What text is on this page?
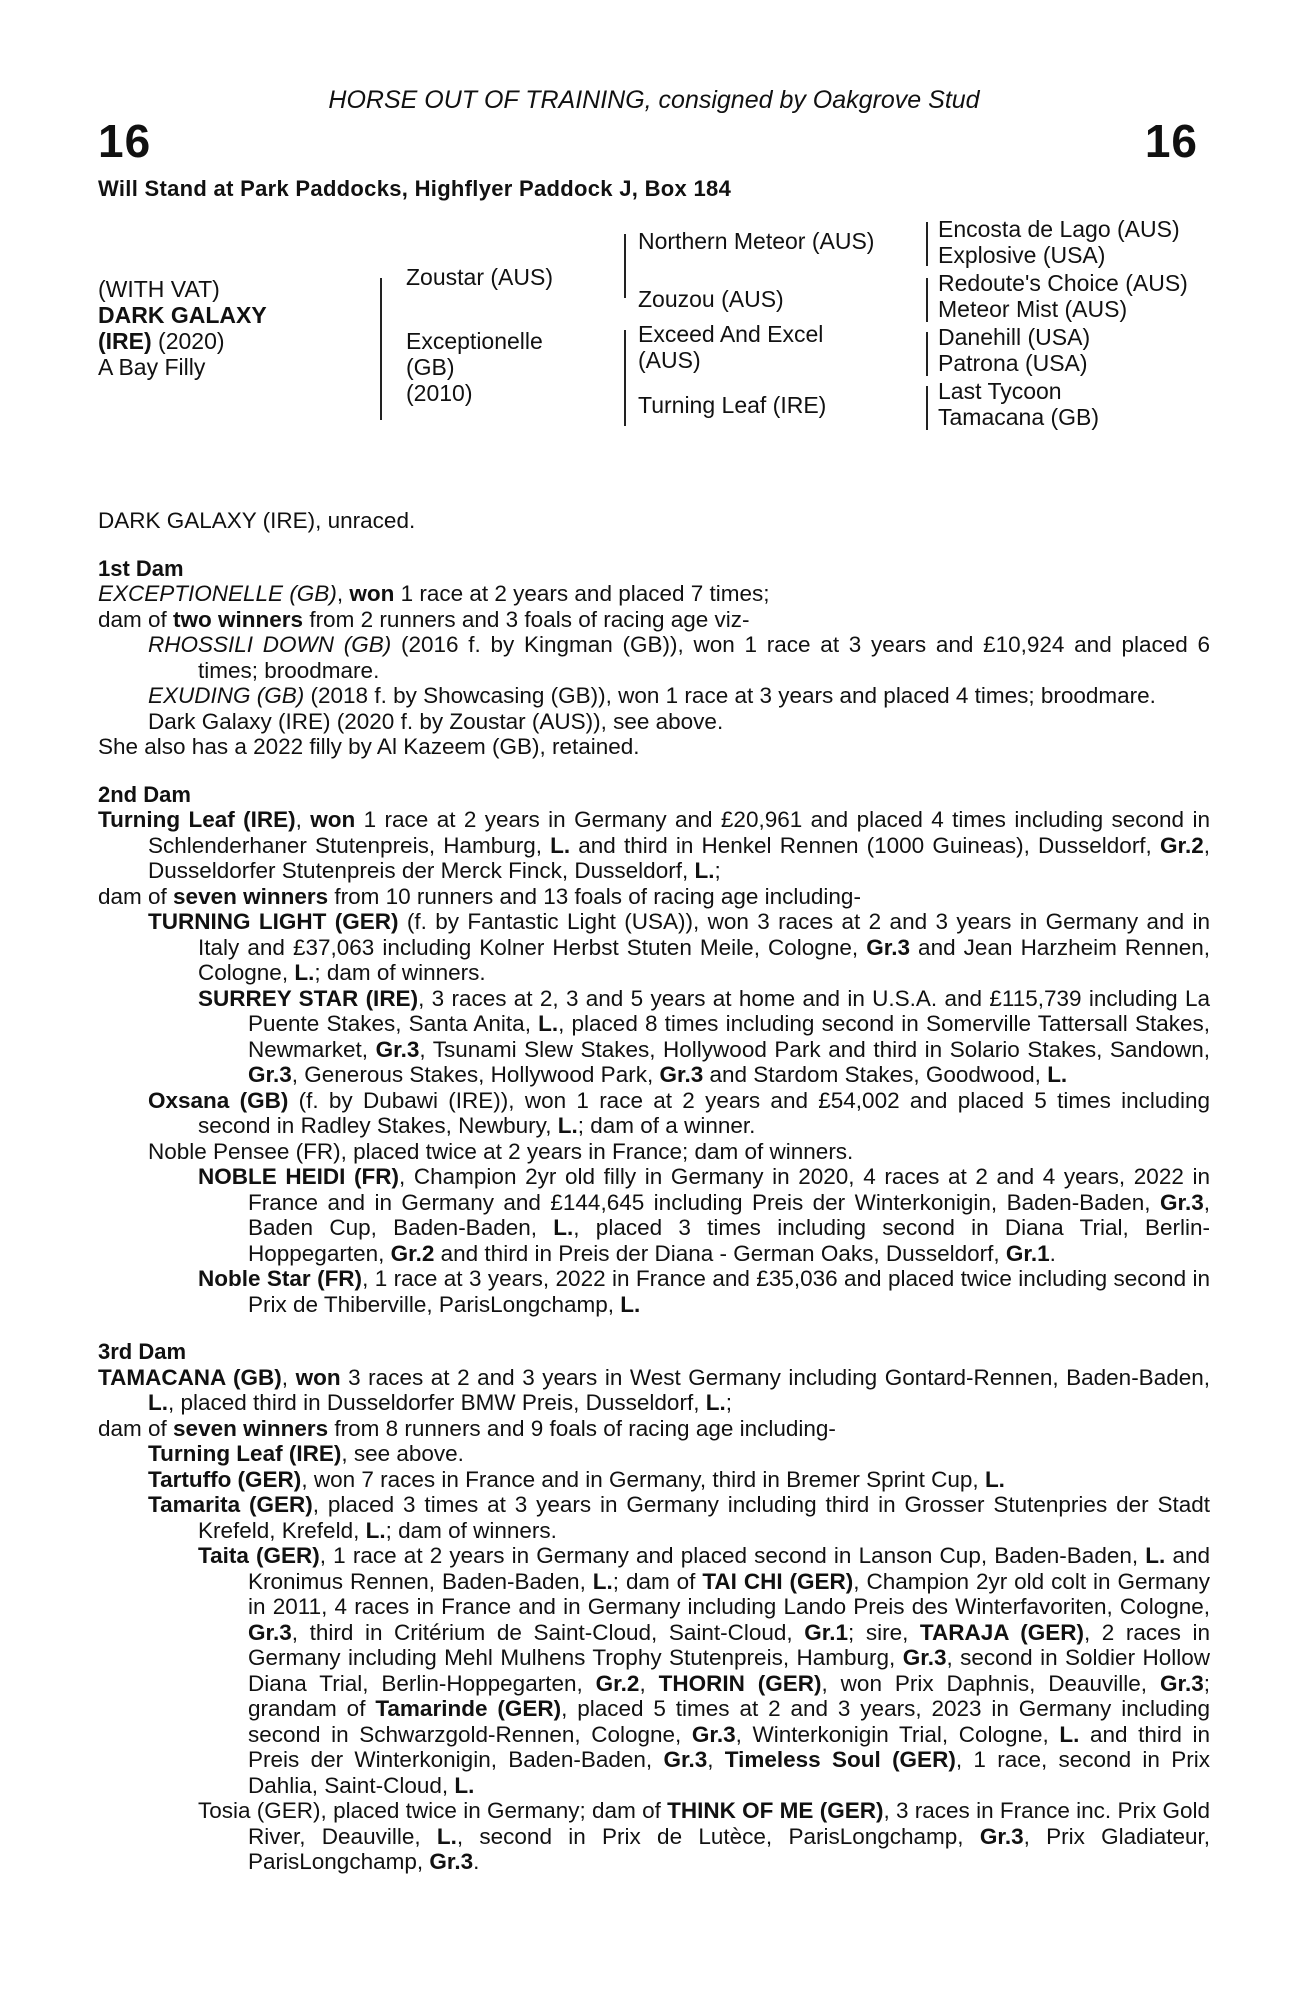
HORSE OUT OF TRAINING, consigned by Oakgrove Stud
16	16
Will Stand at Park Paddocks, Highflyer Paddock J, Box 184
(WITH VAT)
DARK GALAXY
(IRE) (2020)
A Bay Filly
Zoustar (AUS)
Exceptionelle
(GB)
(2010)
Northern Meteor (AUS)
Zouzou (AUS)
Exceed And Excel
(AUS)
Turning Leaf (IRE)
Encosta de Lago (AUS)
Explosive (USA)
Redoute's Choice (AUS)
Meteor Mist (AUS)
Danehill (USA)
Patrona (USA)
Last Tycoon
Tamacana (GB)

DARK GALAXY (IRE), unraced.

1st Dam

EXCEPTIONELLE (GB), won 1 race at 2 years and placed 7 times;

dam of two winners from 2 runners and 3 foals of racing age viz-

RHOSSILI DOWN (GB) (2016 f. by Kingman (GB)), won 1 race at 3 years and £10,924 and placed 6 times; broodmare.

EXUDING (GB) (2018 f. by Showcasing (GB)), won 1 race at 3 years and placed 4 times; broodmare.

Dark Galaxy (IRE) (2020 f. by Zoustar (AUS)), see above.

She also has a 2022 filly by Al Kazeem (GB), retained.

2nd Dam

Turning Leaf (IRE), won 1 race at 2 years in Germany and £20,961 and placed 4 times including second in Schlenderhaner Stutenpreis, Hamburg, L. and third in Henkel Rennen (1000 Guineas), Dusseldorf, Gr.2, Dusseldorfer Stutenpreis der Merck Finck, Dusseldorf, L.;

dam of seven winners from 10 runners and 13 foals of racing age including-

TURNING LIGHT (GER) (f. by Fantastic Light (USA)), won 3 races at 2 and 3 years in Germany and in Italy and £37,063 including Kolner Herbst Stuten Meile, Cologne, Gr.3 and Jean Harzheim Rennen, Cologne, L.; dam of winners.

SURREY STAR (IRE), 3 races at 2, 3 and 5 years at home and in U.S.A. and £115,739 including La Puente Stakes, Santa Anita, L., placed 8 times including second in Somerville Tattersall Stakes, Newmarket, Gr.3, Tsunami Slew Stakes, Hollywood Park and third in Solario Stakes, Sandown, Gr.3, Generous Stakes, Hollywood Park, Gr.3 and Stardom Stakes, Goodwood, L.

Oxsana (GB) (f. by Dubawi (IRE)), won 1 race at 2 years and £54,002 and placed 5 times including second in Radley Stakes, Newbury, L.; dam of a winner.

Noble Pensee (FR), placed twice at 2 years in France; dam of winners.

NOBLE HEIDI (FR), Champion 2yr old filly in Germany in 2020, 4 races at 2 and 4 years, 2022 in France and in Germany and £144,645 including Preis der Winterkonigin, Baden-Baden, Gr.3, Baden Cup, Baden-Baden, L., placed 3 times including second in Diana Trial, Berlin-Hoppegarten, Gr.2 and third in Preis der Diana - German Oaks, Dusseldorf, Gr.1.

Noble Star (FR), 1 race at 3 years, 2022 in France and £35,036 and placed twice including second in Prix de Thiberville, ParisLongchamp, L.

3rd Dam

TAMACANA (GB), won 3 races at 2 and 3 years in West Germany including Gontard-Rennen, Baden-Baden, L., placed third in Dusseldorfer BMW Preis, Dusseldorf, L.;

dam of seven winners from 8 runners and 9 foals of racing age including-

Turning Leaf (IRE), see above.

Tartuffo (GER), won 7 races in France and in Germany, third in Bremer Sprint Cup, L.

Tamarita (GER), placed 3 times at 3 years in Germany including third in Grosser Stutenpries der Stadt Krefeld, Krefeld, L.; dam of winners.

Taita (GER), 1 race at 2 years in Germany and placed second in Lanson Cup, Baden-Baden, L. and Kronimus Rennen, Baden-Baden, L.; dam of TAI CHI (GER), Champion 2yr old colt in Germany in 2011, 4 races in France and in Germany including Lando Preis des Winterfavoriten, Cologne, Gr.3, third in Critérium de Saint-Cloud, Saint-Cloud, Gr.1; sire, TARAJA (GER), 2 races in Germany including Mehl Mulhens Trophy Stutenpreis, Hamburg, Gr.3, second in Soldier Hollow Diana Trial, Berlin-Hoppegarten, Gr.2, THORIN (GER), won Prix Daphnis, Deauville, Gr.3; grandam of Tamarinde (GER), placed 5 times at 2 and 3 years, 2023 in Germany including second in Schwarzgold-Rennen, Cologne, Gr.3, Winterkonigin Trial, Cologne, L. and third in Preis der Winterkonigin, Baden-Baden, Gr.3, Timeless Soul (GER), 1 race, second in Prix Dahlia, Saint-Cloud, L.

Tosia (GER), placed twice in Germany; dam of THINK OF ME (GER), 3 races in France inc. Prix Gold River, Deauville, L., second in Prix de Lutèce, ParisLongchamp, Gr.3, Prix Gladiateur, ParisLongchamp, Gr.3.
